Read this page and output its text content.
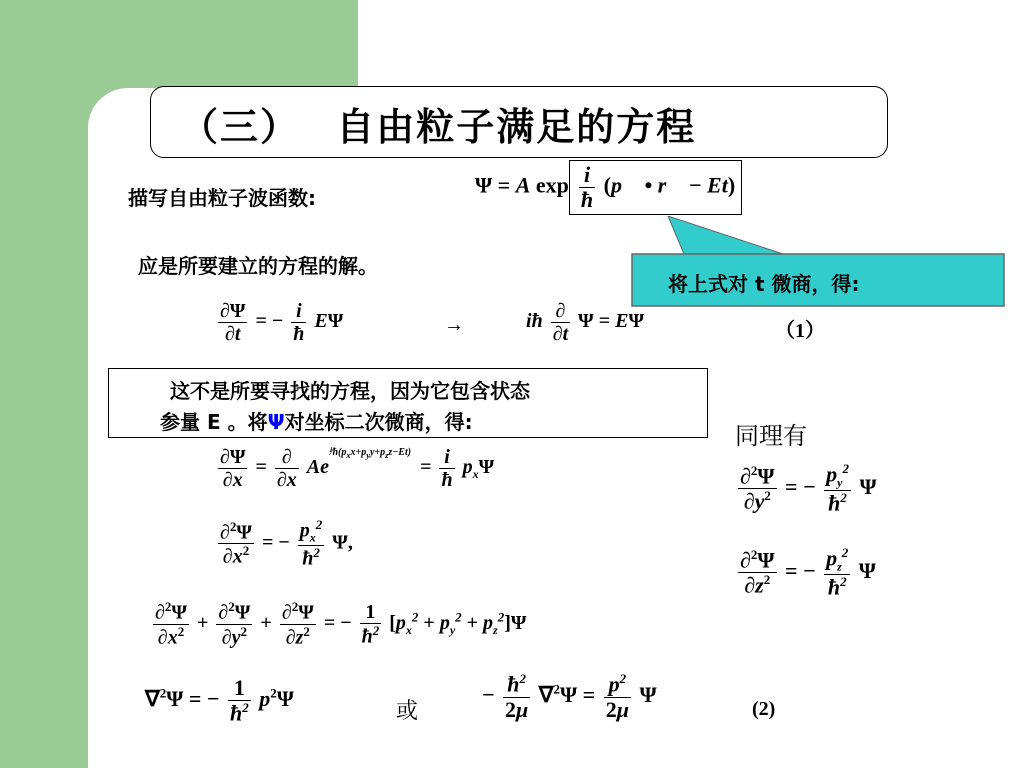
（三）　 自由粒子满足的方程
描写自由粒子波函数:
Ψ = A $\exp \frac{i}{ħ}$ (p⃗ • r⃗ − Et)
应是所要建立的方程的解。
将上式对 t 微商，得:
$\frac{\partial\Psi}{\partial t}$ = − $\frac{i}{ħ}$ EΨ	→	iħ $\frac{\partial}{\partial t}$ Ψ = EΨ	（1）
这不是所要寻找的方程，因为它包含状态
参量 E 。将Ψ对坐标二次微商，得:	同理有
$\frac{\partial\Psi}{\partial x} = \frac{\partial}{\partial x} Ae^{^i⁄ħ(p_xx+p_yy+p_zz-Et)} = \frac{i}{ħ} p_x\Psi$
$\frac{\partial^2\Psi}{\partial x^2}$ = − $\frac{p_x^2}{ħ^2} \Psi$,
$\frac{\partial^2\Psi}{\partial y^2}$ = − $\frac{p_y^2}{ħ^2}$ Ψ
$\frac{\partial^2\Psi}{\partial z^2}$ = − $\frac{p_z^2}{ħ^2}$ Ψ
$\frac{\partial^2\Psi}{\partial x^2} + \frac{\partial^2\Psi}{\partial y^2} + \frac{\partial^2\Psi}{\partial z^2}$ = − $\frac{1}{ħ^2} [p_x^2 + p_y^2 + p_z^2]\Psi$
∇$^2$Ψ = − $\frac{1}{ħ^2} p^2\Psi$
或
− $\frac{ħ^2}{2\mu} \nabla^2\Psi = \frac{p^2}{2\mu}$ Ψ
(2)
